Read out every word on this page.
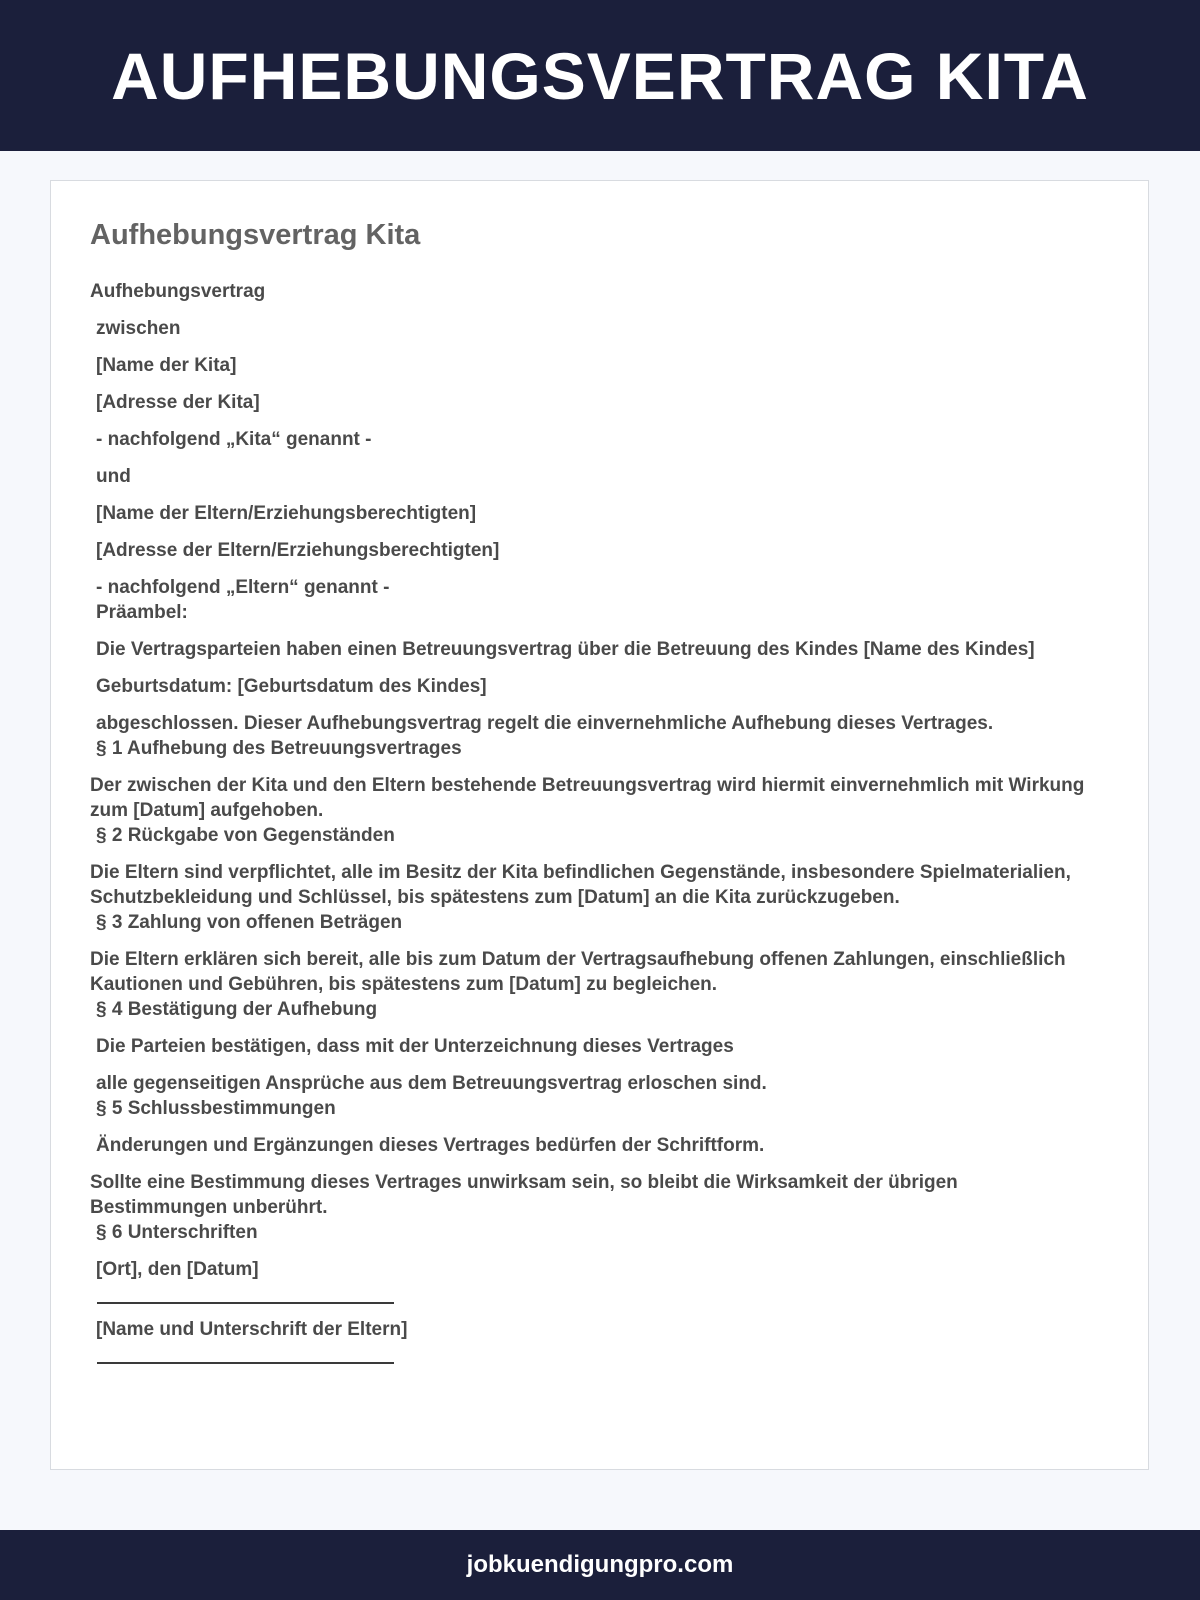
AUFHEBUNGSVERTRAG KITA
Aufhebungsvertrag Kita

Aufhebungsvertrag

zwischen

[Name der Kita]

[Adresse der Kita]

- nachfolgend „Kita“ genannt -

und

[Name der Eltern/Erziehungsberechtigten]

[Adresse der Eltern/Erziehungsberechtigten]

- nachfolgend „Eltern“ genannt -

Präambel:

Die Vertragsparteien haben einen Betreuungsvertrag über die Betreuung des Kindes [Name des Kindes]

Geburtsdatum: [Geburtsdatum des Kindes]

abgeschlossen. Dieser Aufhebungsvertrag regelt die einvernehmliche Aufhebung dieses Vertrages.

§ 1 Aufhebung des Betreuungsvertrages

Der zwischen der Kita und den Eltern bestehende Betreuungsvertrag wird hiermit einvernehmlich mit Wirkung zum [Datum] aufgehoben.

§ 2 Rückgabe von Gegenständen

Die Eltern sind verpflichtet, alle im Besitz der Kita befindlichen Gegenstände, insbesondere Spielmaterialien, Schutzbekleidung und Schlüssel, bis spätestens zum [Datum] an die Kita zurückzugeben.

§ 3 Zahlung von offenen Beträgen

Die Eltern erklären sich bereit, alle bis zum Datum der Vertragsaufhebung offenen Zahlungen, einschließlich Kautionen und Gebühren, bis spätestens zum [Datum] zu begleichen.

§ 4 Bestätigung der Aufhebung

Die Parteien bestätigen, dass mit der Unterzeichnung dieses Vertrages

alle gegenseitigen Ansprüche aus dem Betreuungsvertrag erloschen sind.

§ 5 Schlussbestimmungen

Änderungen und Ergänzungen dieses Vertrages bedürfen der Schriftform.

Sollte eine Bestimmung dieses Vertrages unwirksam sein, so bleibt die Wirksamkeit der übrigen Bestimmungen unberührt.

§ 6 Unterschriften

[Ort], den [Datum]

[Name und Unterschrift der Eltern]

jobkuendigungpro.com
